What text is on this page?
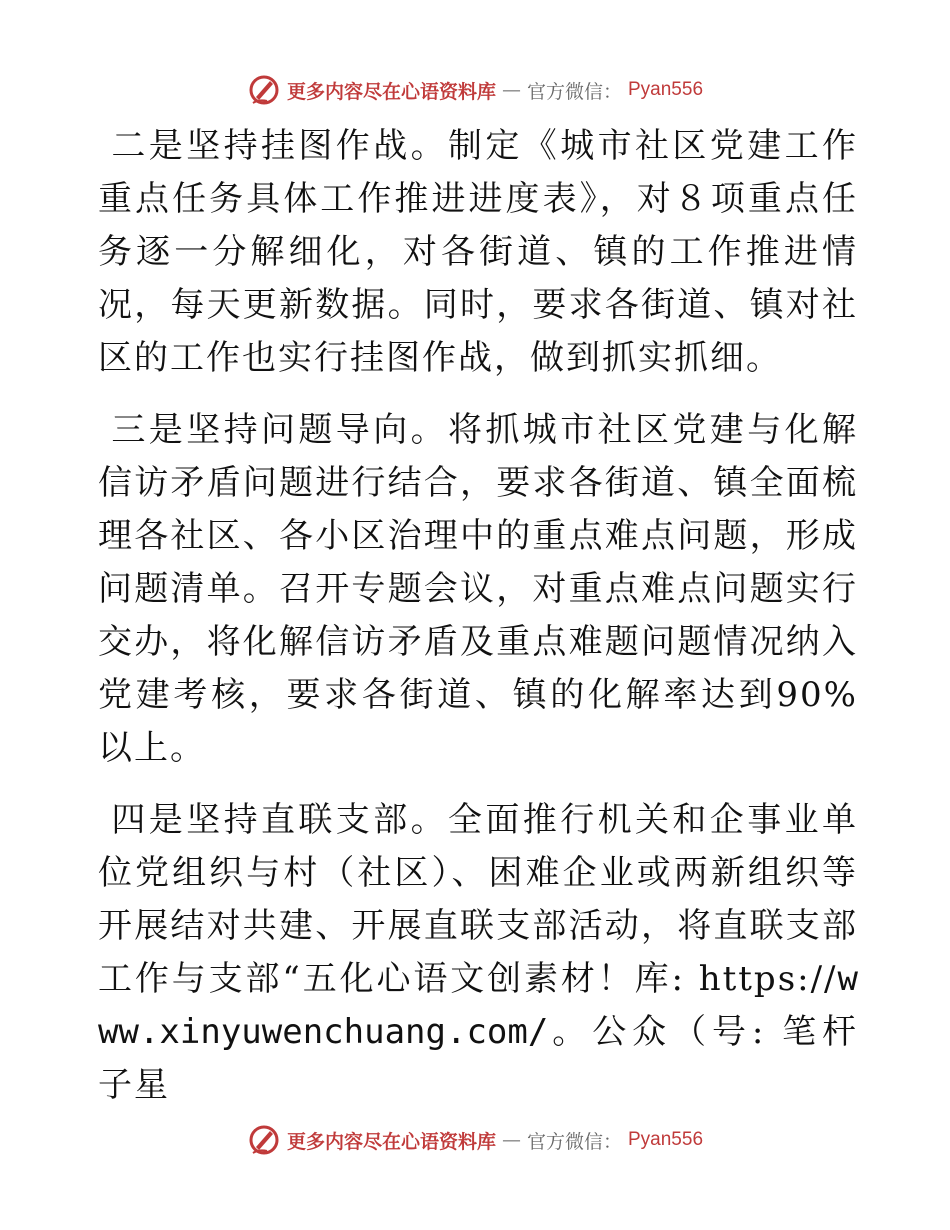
更多内容尽在心语资料库 — 官方微信： Pyan556

二是坚持挂图作战。制定《城市社区党建工作重点任务具体工作推进进度表》，对８项重点任务逐一分解细化，对各街道、镇的工作推进情况，每天更新数据。同时，要求各街道、镇对社区的工作也实行挂图作战，做到抓实抓细。

三是坚持问题导向。将抓城市社区党建与化解信访矛盾问题进行结合，要求各街道、镇全面梳理各社区、各小区治理中的重点难点问题，形成问题清单。召开专题会议，对重点难点问题实行交办，将化解信访矛盾及重点难题问题情况纳入党建考核，要求各街道、镇的化解率达到90%以上。

四是坚持直联支部。全面推行机关和企事业单位党组织与村（社区）、困难企业或两新组织等开展结对共建、开展直联支部活动，将直联支部工作与支部“五化心语文创素材！库: https://www.xinyuwenchuang.com/。公众（号: 笔杆子星

更多内容尽在心语资料库 — 官方微信： Pyan556
